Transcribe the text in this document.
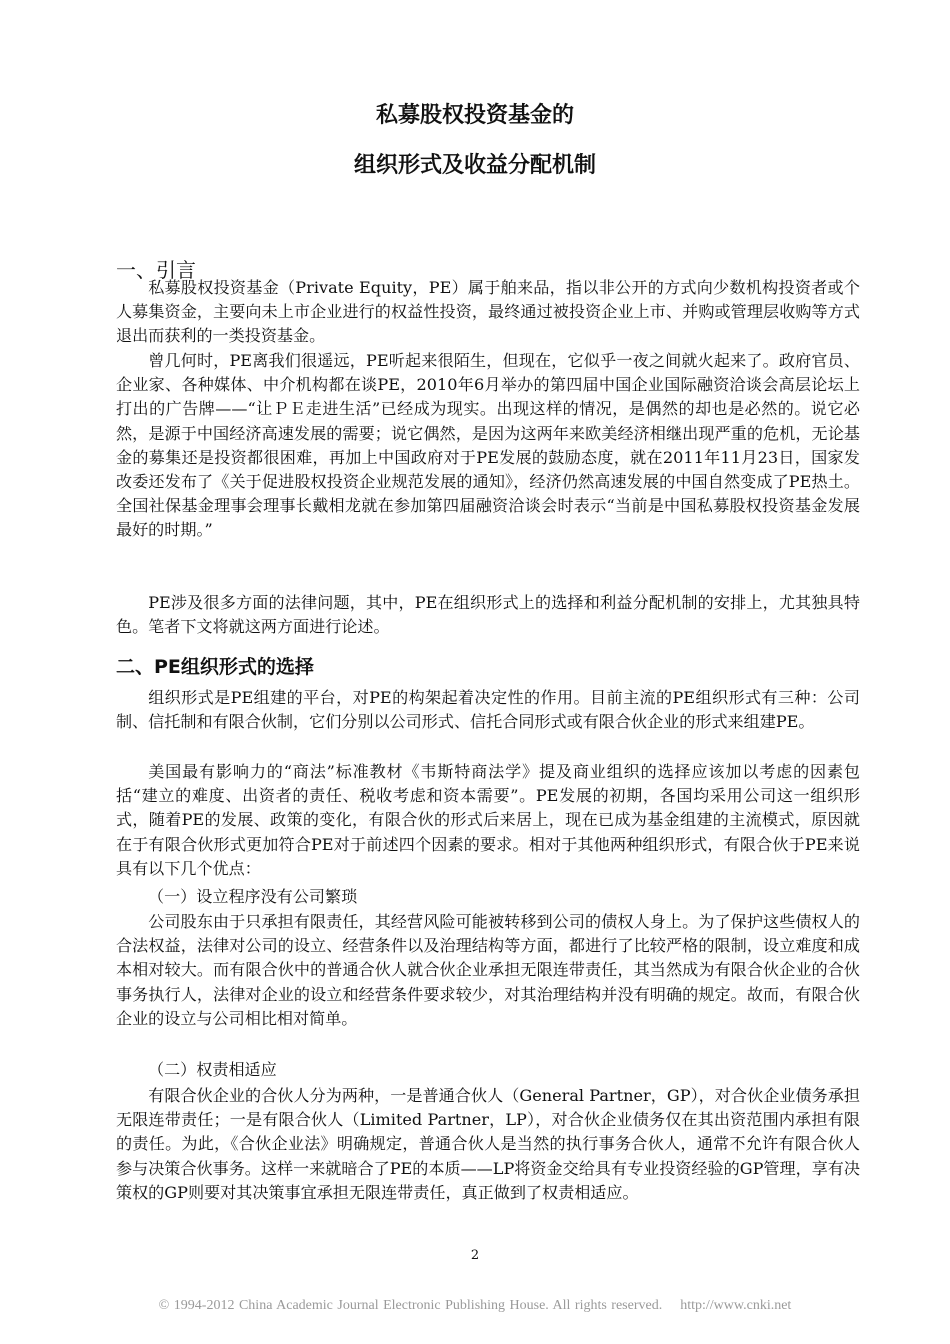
私募股权投资基金的
组织形式及收益分配机制
一、引言

私募股权投资基金（Private Equity，PE）属于舶来品，指以非公开的方式向少数机构投资者或个人募集资金，主要向未上市企业进行的权益性投资，最终通过被投资企业上市、并购或管理层收购等方式退出而获利的一类投资基金。

曾几何时，PE离我们很遥远，PE听起来很陌生，但现在，它似乎一夜之间就火起来了。政府官员、企业家、各种媒体、中介机构都在谈PE，2010年6月举办的第四届中国企业国际融资洽谈会高层论坛上打出的广告牌——“让ＰＥ走进生活”已经成为现实。出现这样的情况，是偶然的却也是必然的。说它必然，是源于中国经济高速发展的需要；说它偶然，是因为这两年来欧美经济相继出现严重的危机，无论基金的募集还是投资都很困难，再加上中国政府对于PE发展的鼓励态度，就在2011年11月23日，国家发改委还发布了《关于促进股权投资企业规范发展的通知》，经济仍然高速发展的中国自然变成了PE热土。全国社保基金理事会理事长戴相龙就在参加第四届融资洽谈会时表示“当前是中国私募股权投资基金发展最好的时期。”

PE涉及很多方面的法律问题，其中，PE在组织形式上的选择和利益分配机制的安排上，尤其独具特色。笔者下文将就这两方面进行论述。

二、PE组织形式的选择

组织形式是PE组建的平台，对PE的构架起着决定性的作用。目前主流的PE组织形式有三种：公司制、信托制和有限合伙制，它们分别以公司形式、信托合同形式或有限合伙企业的形式来组建PE。

美国最有影响力的“商法”标准教材《韦斯特商法学》提及商业组织的选择应该加以考虑的因素包括“建立的难度、出资者的责任、税收考虑和资本需要”。PE发展的初期，各国均采用公司这一组织形式，随着PE的发展、政策的变化，有限合伙的形式后来居上，现在已成为基金组建的主流模式，原因就在于有限合伙形式更加符合PE对于前述四个因素的要求。相对于其他两种组织形式，有限合伙于PE来说具有以下几个优点：

（一）设立程序没有公司繁琐

公司股东由于只承担有限责任，其经营风险可能被转移到公司的债权人身上。为了保护这些债权人的合法权益，法律对公司的设立、经营条件以及治理结构等方面，都进行了比较严格的限制，设立难度和成本相对较大。而有限合伙中的普通合伙人就合伙企业承担无限连带责任，其当然成为有限合伙企业的合伙事务执行人，法律对企业的设立和经营条件要求较少，对其治理结构并没有明确的规定。故而，有限合伙企业的设立与公司相比相对简单。

（二）权责相适应

有限合伙企业的合伙人分为两种，一是普通合伙人（General Partner，GP），对合伙企业债务承担无限连带责任；一是有限合伙人（Limited Partner，LP），对合伙企业债务仅在其出资范围内承担有限的责任。为此，《合伙企业法》明确规定，普通合伙人是当然的执行事务合伙人，通常不允许有限合伙人参与决策合伙事务。这样一来就暗合了PE的本质——LP将资金交给具有专业投资经验的GP管理，享有决策权的GP则要对其决策事宜承担无限连带责任，真正做到了权责相适应。

2
© 1994-2012 China Academic Journal Electronic Publishing House. All rights reserved. http://www.cnki.net
